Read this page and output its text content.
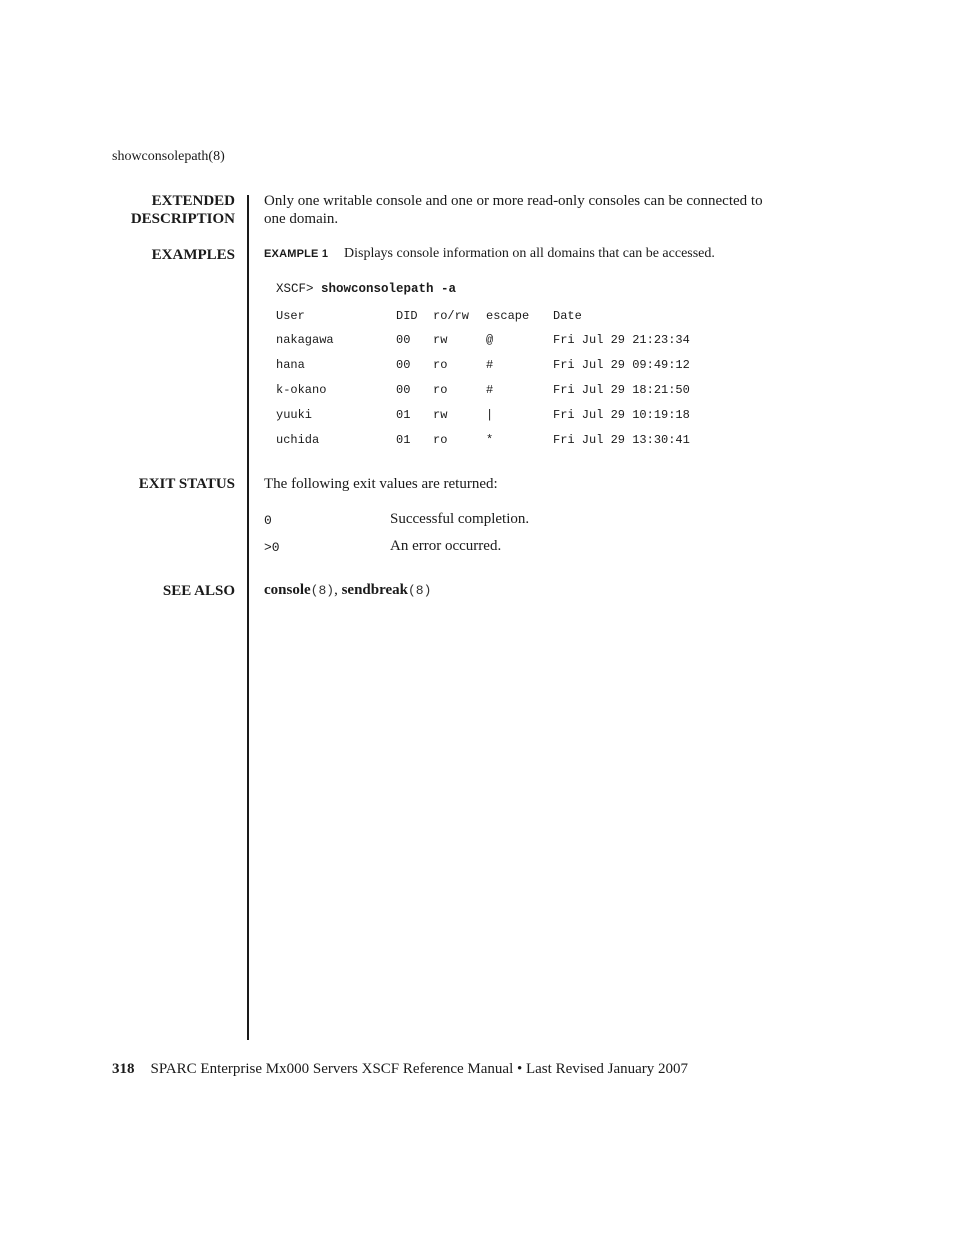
showconsolepath(8)
EXTENDED
DESCRIPTION
Only one writable console and one or more read-only consoles can be connected to
one domain.
EXAMPLES	EXAMPLE 1 Displays console information on all domains that can be accessed.
XSCF> showconsolepath -a
User	DID ro/rw escape Date
nakagawa	00 rw	@	Fri Jul 29 21:23:34
hana	00 ro	#	Fri Jul 29 09:49:12
k-okano	00 ro	#	Fri Jul 29 18:21:50
yuuki	01 rw	|	Fri Jul 29 10:19:18
uchida	01 ro	*	Fri Jul 29 13:30:41
EXIT STATUS The following exit values are returned:
0	Successful completion.
>0	An error occurred.
SEE ALSO console(8), sendbreak(8)
318 SPARC Enterprise Mx000 Servers XSCF Reference Manual • Last Revised January 2007
